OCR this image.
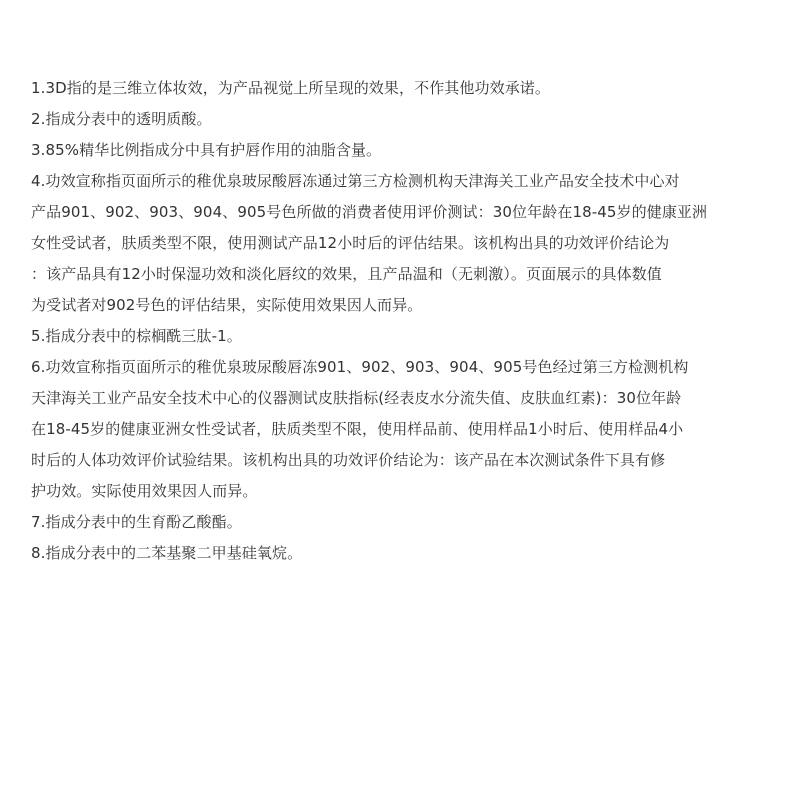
1.3D指的是三维立体妆效，为产品视觉上所呈现的效果，不作其他功效承诺。
2.指成分表中的透明质酸。
3.85%精华比例指成分中具有护唇作用的油脂含量。
4.功效宣称指页面所示的稚优泉玻尿酸唇冻通过第三方检测机构天津海关工业产品安全技术中心对
产品901、902、903、904、905号色所做的消费者使用评价测试：30位年龄在18-45岁的健康亚洲
女性受试者，肤质类型不限，使用测试产品12小时后的评估结果。该机构出具的功效评价结论为
：该产品具有12小时保湿功效和淡化唇纹的效果，且产品温和（无刺激）。页面展示的具体数值
为受试者对902号色的评估结果，实际使用效果因人而异。
5.指成分表中的棕榈酰三肽-1。
6.功效宣称指页面所示的稚优泉玻尿酸唇冻901、902、903、904、905号色经过第三方检测机构
天津海关工业产品安全技术中心的仪器测试皮肤指标(经表皮水分流失值、皮肤血红素)：30位年龄
在18-45岁的健康亚洲女性受试者，肤质类型不限，使用样品前、使用样品1小时后、使用样品4小
时后的人体功效评价试验结果。该机构出具的功效评价结论为：该产品在本次测试条件下具有修
护功效。实际使用效果因人而异。
7.指成分表中的生育酚乙酸酯。
8.指成分表中的二苯基聚二甲基硅氧烷。
